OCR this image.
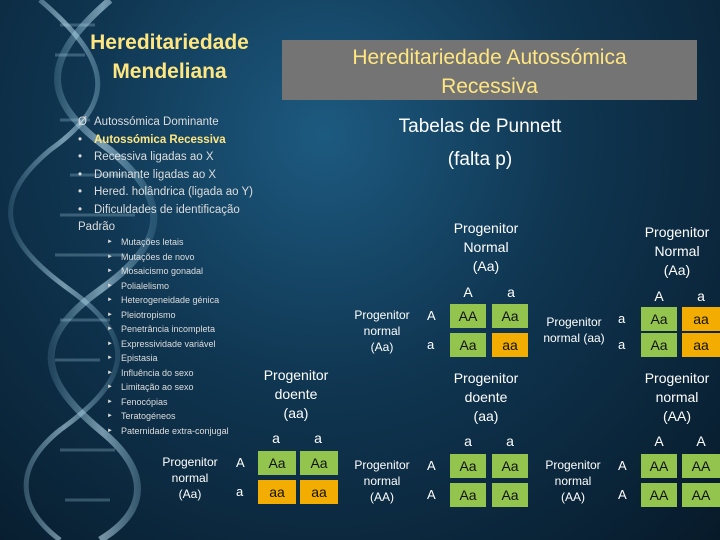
Hereditariedade
Mendeliana
Hereditariedade Autossómica
Recessiva
Tabelas de Punnett
(falta p)
Ø Autossómica Dominante
•	Autossómica Recessiva
•	Recessiva ligadas ao X
•	Dominante ligadas ao X
•	Hered. holândrica (ligada ao Y)
•	Dificuldades de identificação
Padrão
► Mutações letais
► Mutações de novo
► Mosaicismo gonadal
► Polialelismo
► Heterogeneidade génica
► Pleiotropismo
► Penetrância incompleta
► Expressividade variável
► Epistasia
► Influência do sexo
► Limitação ao sexo
► Fenocópias
► Teratogéneos
► Paternidade extra-conjugal
Progenitor
Normal
(Aa)
A	a
Progenitor
normal
(Aa)
A
a
AA	Aa
Aa	aa
Progenitor
Normal
(Aa)
A	a
Progenitor
normal (aa)
a
a
Aa	aa
Aa	aa
Progenitor
doente
(aa)
a	a
Progenitor
normal
(Aa)
A
a
Aa	Aa
aa	aa
Progenitor
doente
(aa)
a	a
Progenitor
normal
(AA)
A
A
Aa	Aa
Aa	Aa
Progenitor
normal
(AA)
A	A
Progenitor
normal
(AA)
A
A
AA	AA
AA	AA
